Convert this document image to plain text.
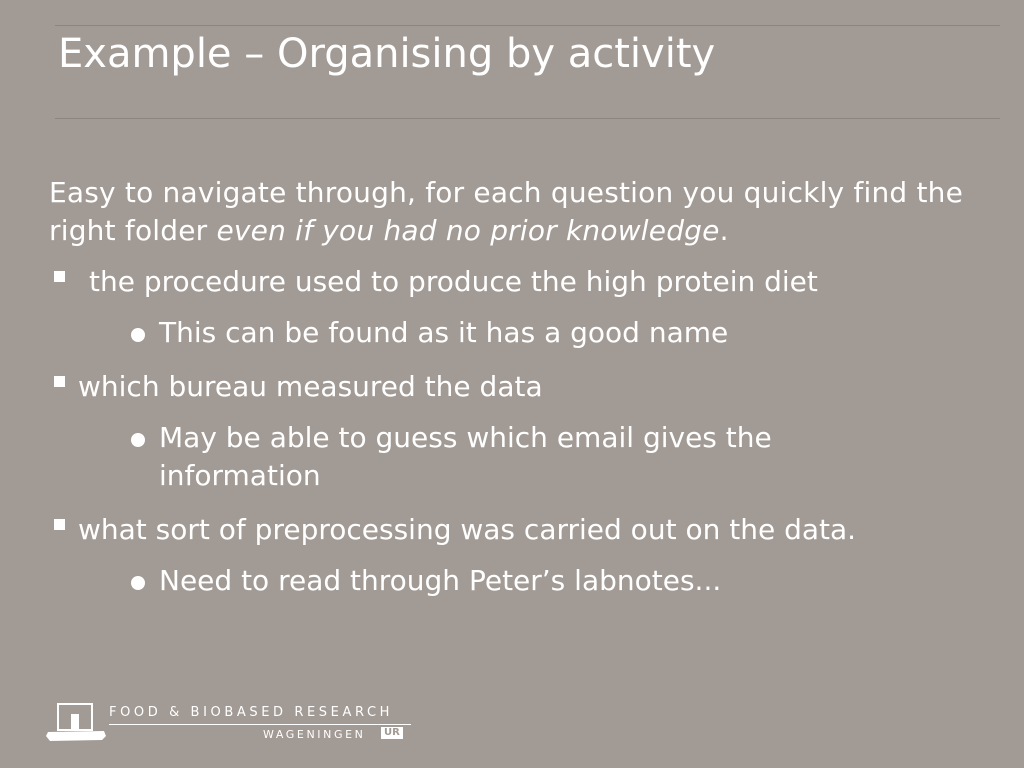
Example – Organising by activity

Easy to navigate through, for each question you quickly find the right folder even if you had no prior knowledge.

the procedure used to produce the high protein diet
This can be found as it has a good name
which bureau measured the data
May be able to guess which email gives the information
what sort of preprocessing was carried out on the data.
Need to read through Peter’s labnotes...
FOOD & BIOBASED RESEARCH
WAGENINGEN	UR
